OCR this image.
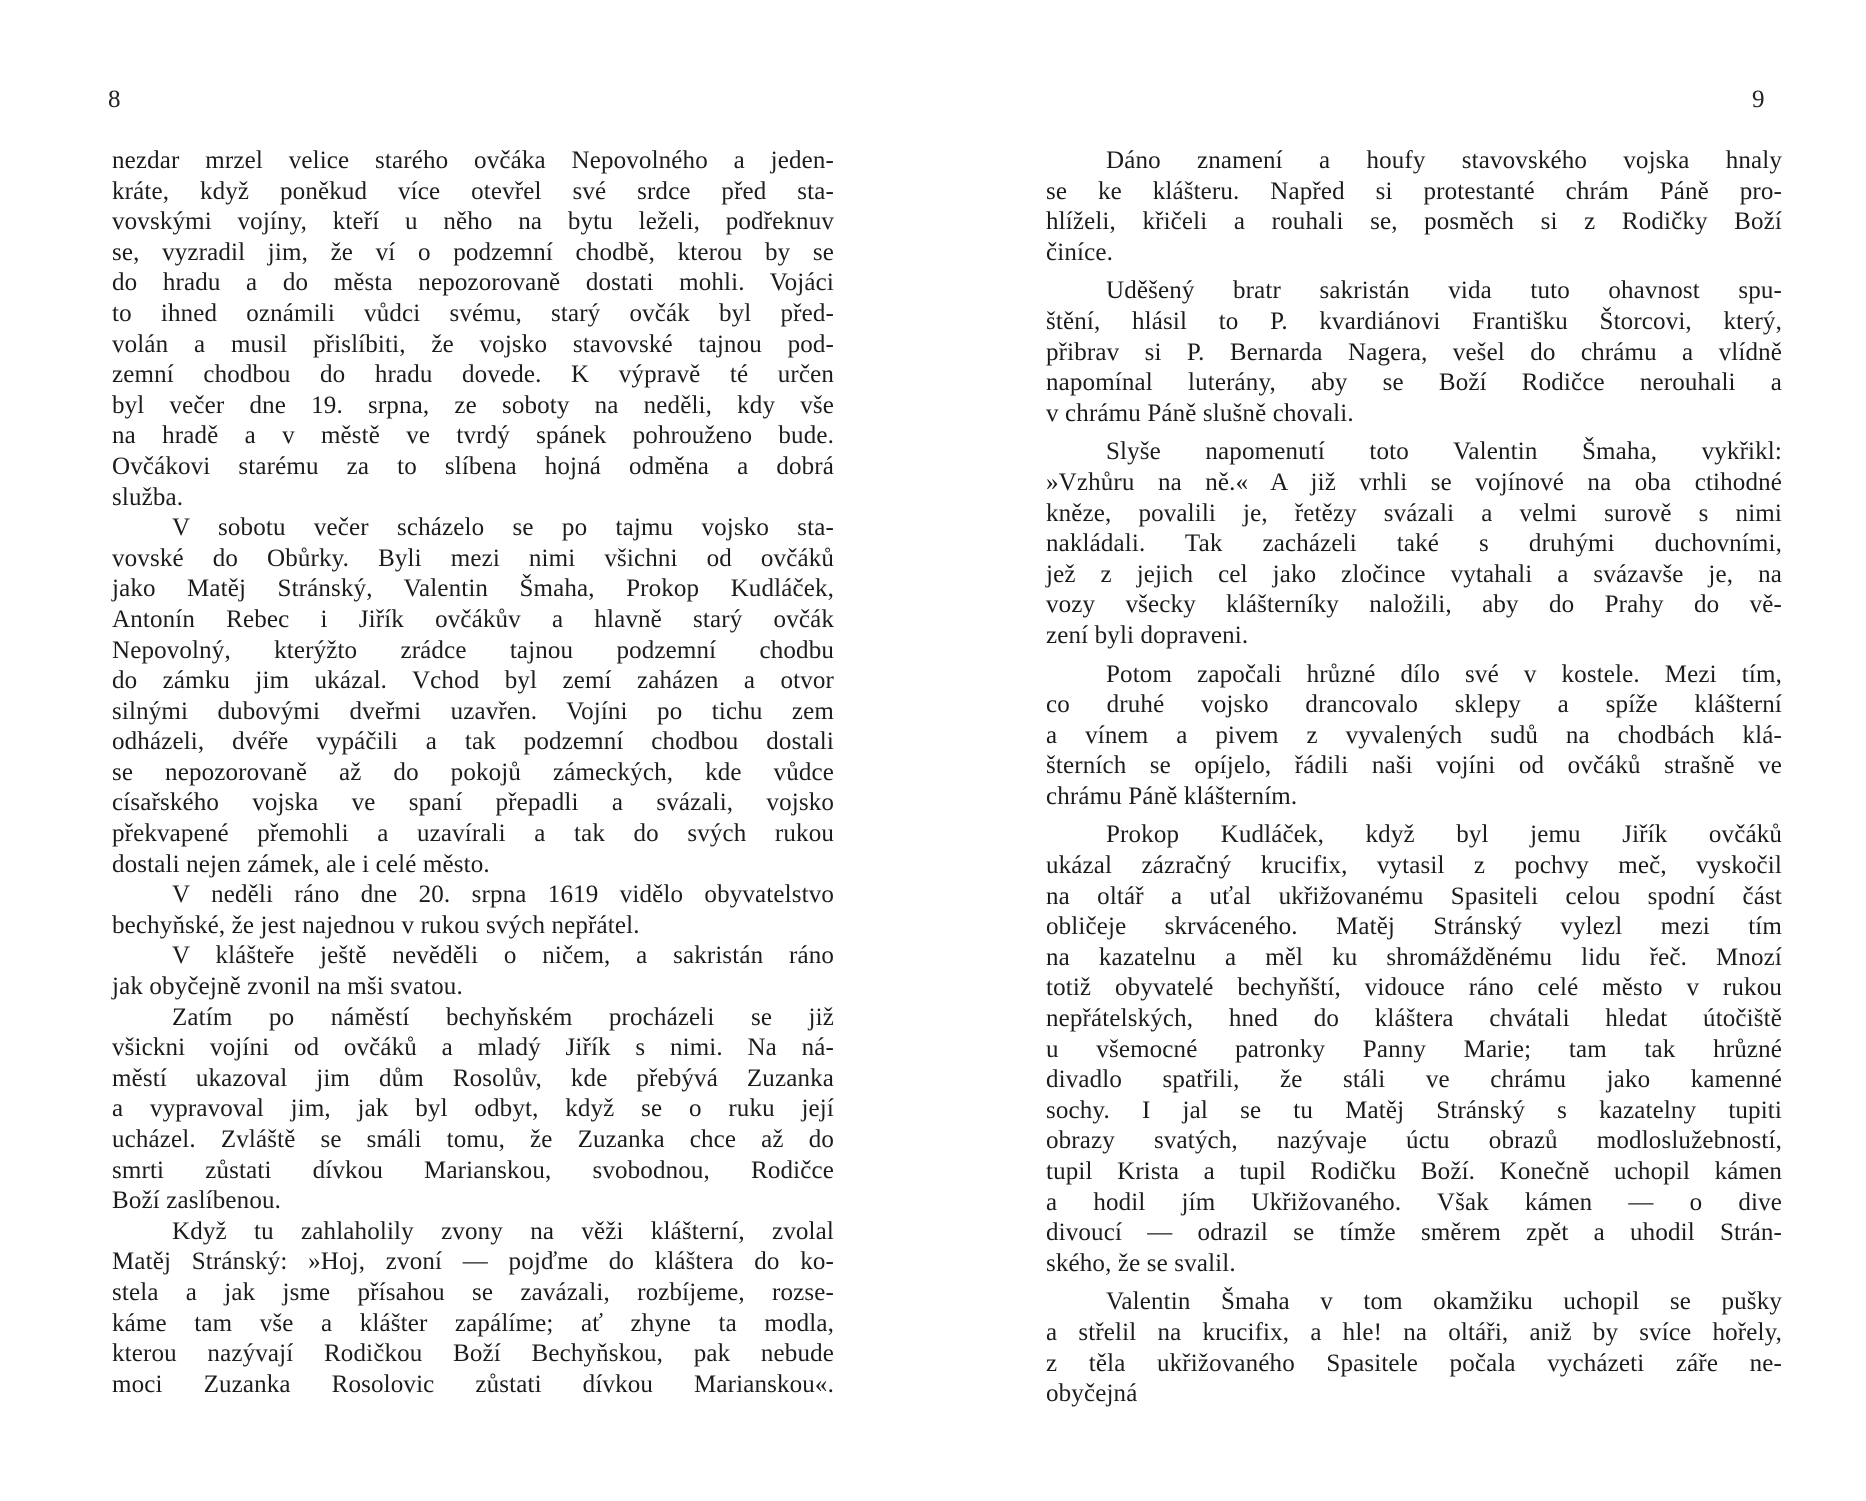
8
nezdar mrzel velice starého ovčáka Nepovolného a jeden-
kráte, když poněkud více otevřel své srdce před sta-
vovskými vojíny, kteří u něho na bytu leželi, podřeknuv
se, vyzradil jim, že ví o podzemní chodbě, kterou by se
do hradu a do města nepozorovaně dostati mohli. Vojáci
to ihned oznámili vůdci svému, starý ovčák byl před-
volán a musil přislíbiti, že vojsko stavovské tajnou pod-
zemní chodbou do hradu dovede. K výpravě té určen
byl večer dne 19. srpna, ze soboty na neděli, kdy vše
na hradě a v městě ve tvrdý spánek pohrouženo bude.
Ovčákovi starému za to slíbena hojná odměna a dobrá
služba.
V sobotu večer scházelo se po tajmu vojsko sta-
vovské do Obůrky. Byli mezi nimi všichni od ovčáků
jako Matěj Stránský, Valentin Šmaha, Prokop Kudláček,
Antonín Rebec i Jiřík ovčákův a hlavně starý ovčák
Nepovolný, kterýžto zrádce tajnou podzemní chodbu
do zámku jim ukázal. Vchod byl zemí zaházen a otvor
silnými dubovými dveřmi uzavřen. Vojíni po tichu zem
odházeli, dvéře vypáčili a tak podzemní chodbou dostali
se nepozorovaně až do pokojů zámeckých, kde vůdce
císařského vojska ve spaní přepadli a svázali, vojsko
překvapené přemohli a uzavírali a tak do svých rukou
dostali nejen zámek, ale i celé město.
V neděli ráno dne 20. srpna 1619 vidělo obyvatelstvo
bechyňské, že jest najednou v rukou svých nepřátel.
V klášteře ještě nevěděli o ničem, a sakristán ráno
jak obyčejně zvonil na mši svatou.
Zatím po náměstí bechyňském procházeli se již
všickni vojíni od ovčáků a mladý Jiřík s nimi. Na ná-
městí ukazoval jim dům Rosolův, kde přebývá Zuzanka
a vypravoval jim, jak byl odbyt, když se o ruku její
ucházel. Zvláště se smáli tomu, že Zuzanka chce až do
smrti zůstati dívkou Marianskou, svobodnou, Rodičce
Boží zaslíbenou.
Když tu zahlaholily zvony na věži klášterní, zvolal
Matěj Stránský: »Hoj, zvoní — pojďme do kláštera do ko-
stela a jak jsme přísahou se zavázali, rozbíjeme, rozse-
káme tam vše a klášter zapálíme; ať zhyne ta modla,
kterou nazývají Rodičkou Boží Bechyňskou, pak nebude
moci Zuzanka Rosolovic zůstati dívkou Marianskou«.
9
Dáno znamení a houfy stavovského vojska hnaly
se ke klášteru. Napřed si protestanté chrám Páně pro-
hlíželi, křičeli a rouhali se, posměch si z Rodičky Boží
činíce.
Uděšený bratr sakristán vida tuto ohavnost spu-
štění, hlásil to P. kvardiánovi Františku Štorcovi, který,
přibrav si P. Bernarda Nagera, vešel do chrámu a vlídně
napomínal luterány, aby se Boží Rodičce nerouhali a
v chrámu Páně slušně chovali.
Slyše napomenutí toto Valentin Šmaha, vykřikl:
»Vzhůru na ně.« A již vrhli se vojínové na oba ctihodné
kněze, povalili je, řetězy svázali a velmi surově s nimi
nakládali. Tak zacházeli také s druhými duchovními,
jež z jejich cel jako zločince vytahali a svázavše je, na
vozy všecky klášterníky naložili, aby do Prahy do vě-
zení byli dopraveni.
Potom započali hrůzné dílo své v kostele. Mezi tím,
co druhé vojsko drancovalo sklepy a spíže klášterní
a vínem a pivem z vyvalených sudů na chodbách klá-
šterních se opíjelo, řádili naši vojíni od ovčáků strašně ve
chrámu Páně klášterním.
Prokop Kudláček, když byl jemu Jiřík ovčáků
ukázal zázračný krucifix, vytasil z pochvy meč, vyskočil
na oltář a uťal ukřižovanému Spasiteli celou spodní část
obličeje skrváceného. Matěj Stránský vylezl mezi tím
na kazatelnu a měl ku shromážděnému lidu řeč. Mnozí
totiž obyvatelé bechyňští, vidouce ráno celé město v rukou
nepřátelských, hned do kláštera chvátali hledat útočiště
u všemocné patronky Panny Marie; tam tak hrůzné
divadlo spatřili, že stáli ve chrámu jako kamenné
sochy. I jal se tu Matěj Stránský s kazatelny tupiti
obrazy svatých, nazývaje úctu obrazů modloslužebností,
tupil Krista a tupil Rodičku Boží. Konečně uchopil kámen
a hodil jím Ukřižovaného. Však kámen — o dive
divoucí — odrazil se tímže směrem zpět a uhodil Strán-
ského, že se svalil.
Valentin Šmaha v tom okamžiku uchopil se pušky
a střelil na krucifix, a hle! na oltáři, aniž by svíce hořely,
z těla ukřižovaného Spasitele počala vycházeti záře ne-
obyčejná
